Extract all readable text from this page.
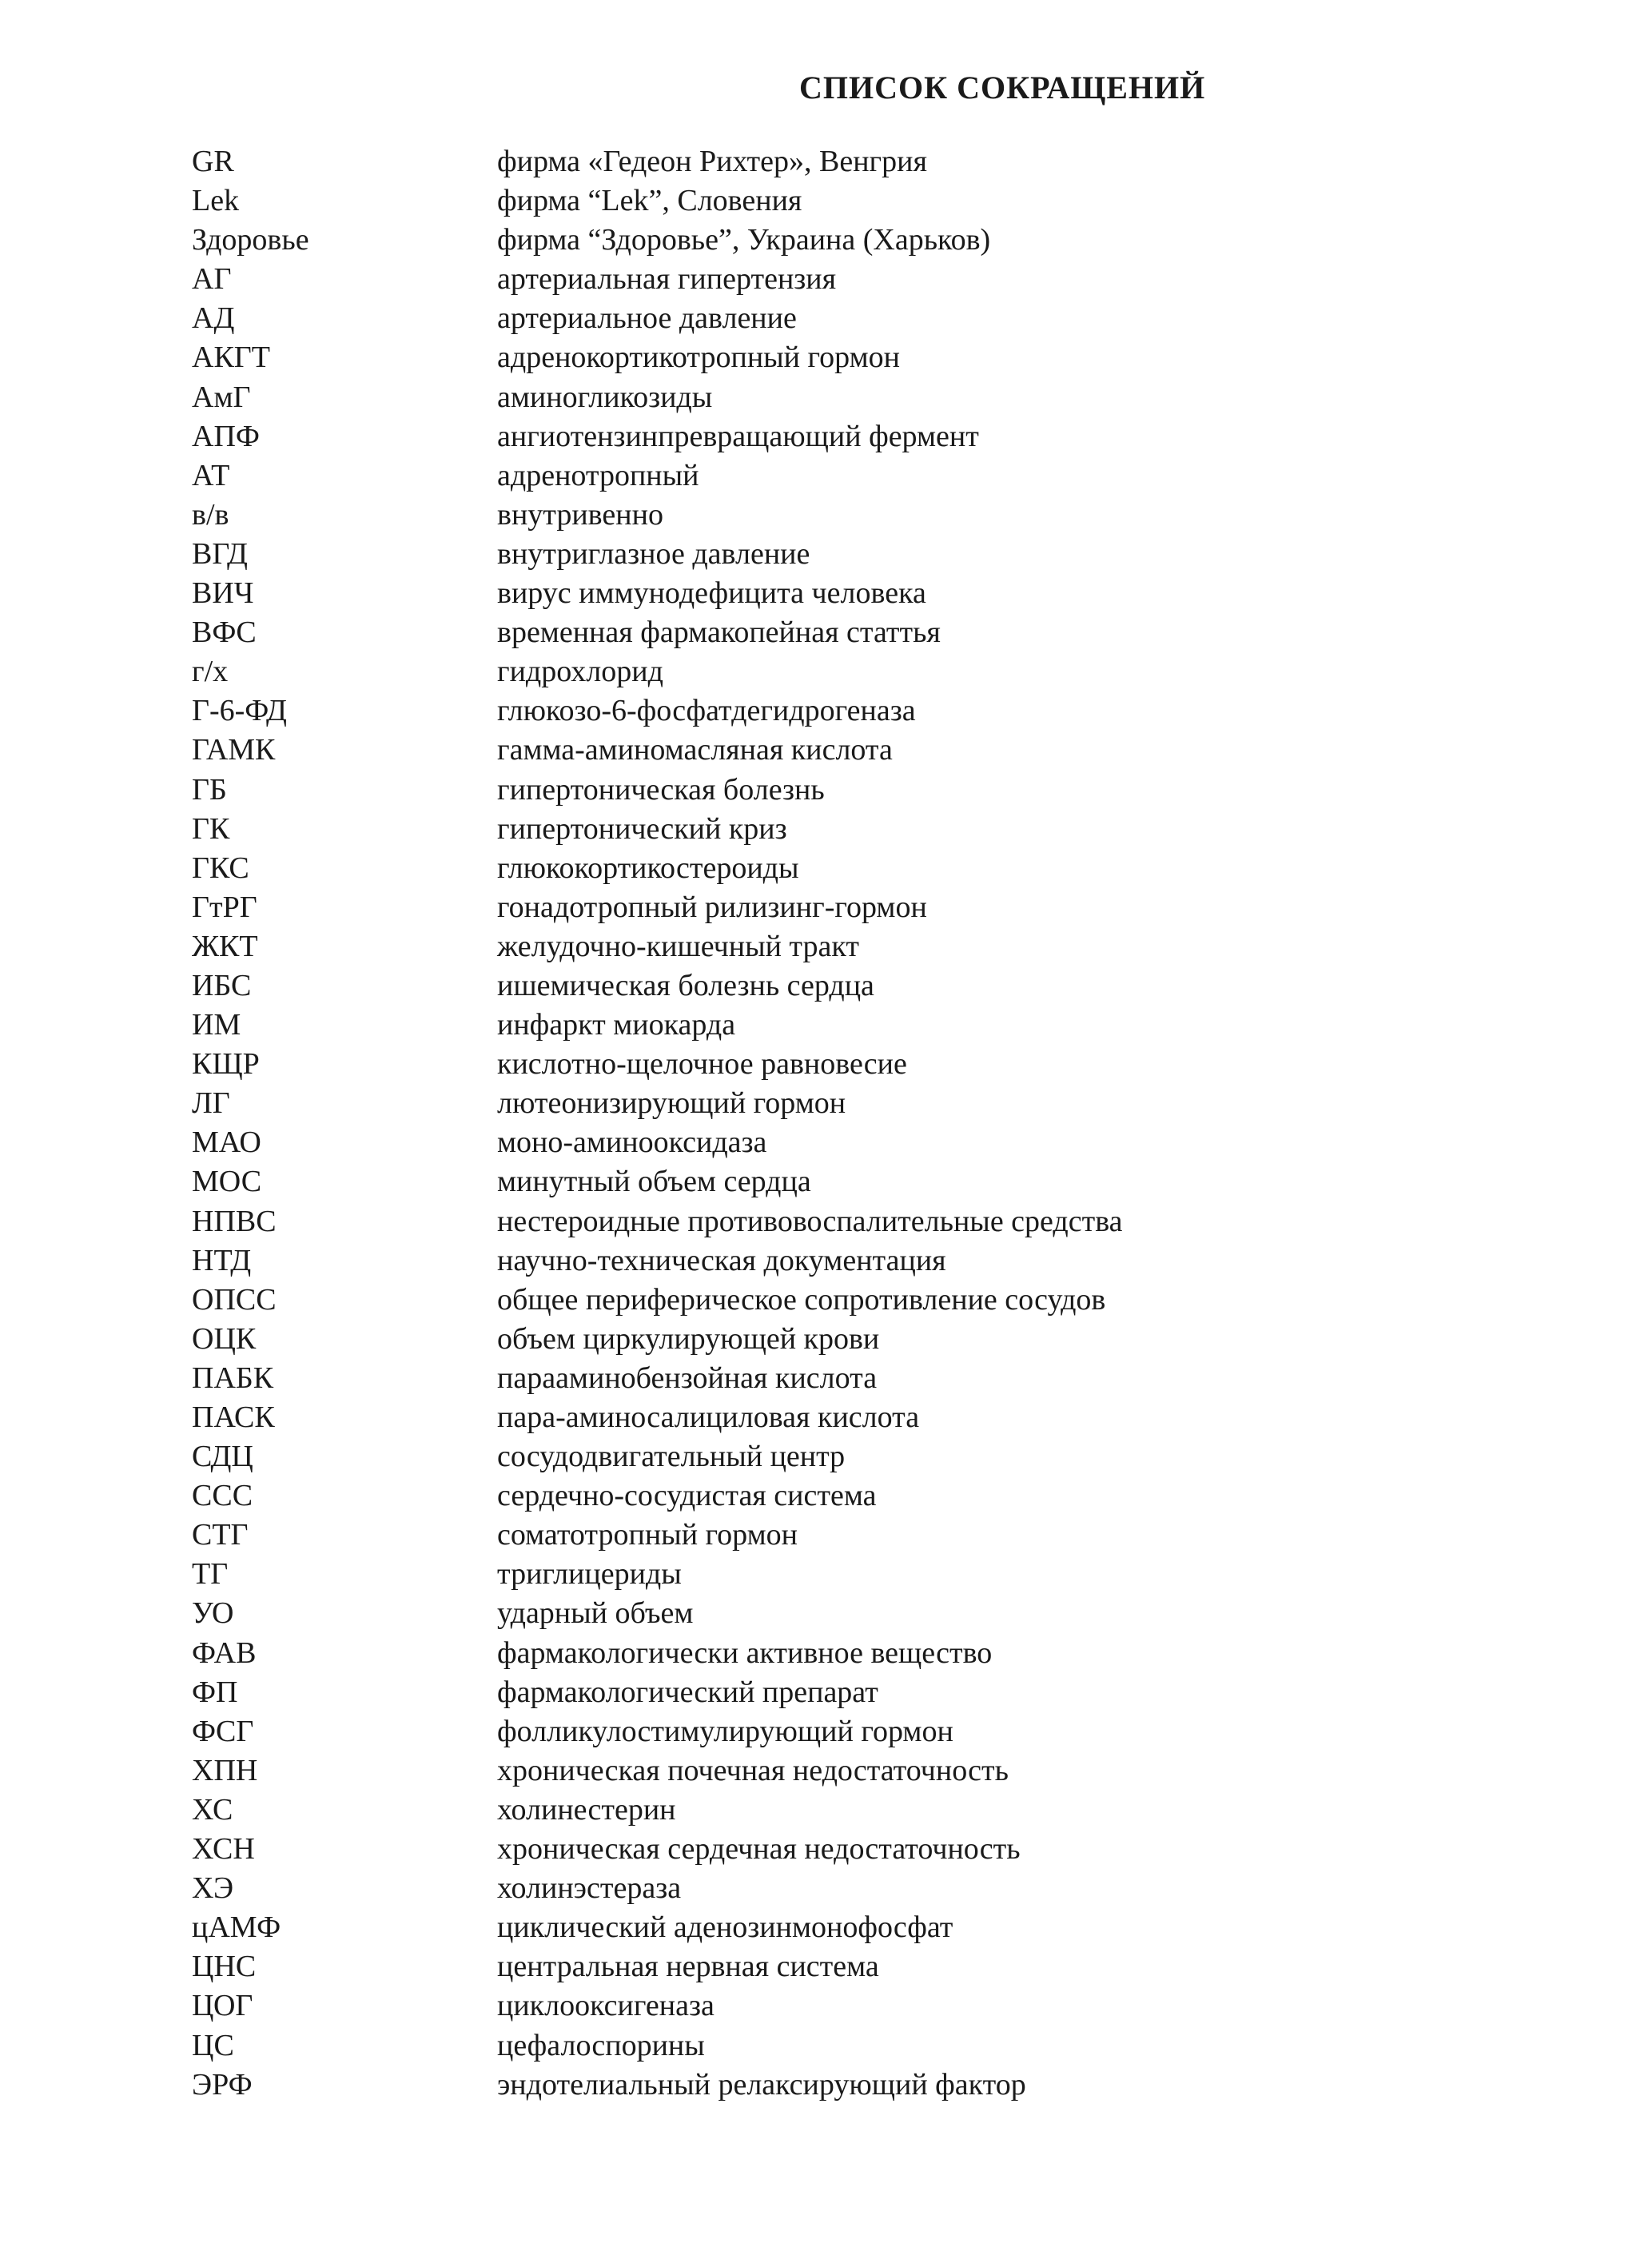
СПИСОК СОКРАЩЕНИЙ
GR	фирма «Гедеон Рихтер», Венгрия
Lek	фирма “Lek”, Словения
Здоровье	фирма “Здоровье”, Украина (Харьков)
АГ	артериальная гипертензия
АД	артериальное давление
АКГТ	адренокортикотропный гормон
АмГ	аминогликозиды
АПФ	ангиотензинпревращающий фермент
АТ	адренотропный
в/в	внутривенно
ВГД	внутриглазное давление
ВИЧ	вирус иммунодефицита человека
ВФС	временная фармакопейная статтья
г/х	гидрохлорид
Г-6-ФД	глюкозо-6-фосфатдегидрогеназа
ГАМК	гамма-аминомасляная кислота
ГБ	гипертоническая болезнь
ГК	гипертонический криз
ГКС	глюкокортикостероиды
ГтРГ	гонадотропный рилизинг-гормон
ЖКТ	желудочно-кишечный тракт
ИБС	ишемическая болезнь сердца
ИМ	инфаркт миокарда
КЩР	кислотно-щелочное равновесие
ЛГ	лютеонизирующий гормон
МАО	моно-аминооксидаза
МОС	минутный объем сердца
НПВС	нестероидные противовоспалительные средства
НТД	научно-техническая документация
ОПСС	общее периферическое сопротивление сосудов
ОЦК	объем циркулирующей крови
ПАБК	парааминобензойная кислота
ПАСК	пара-аминосалициловая кислота
СДЦ	сосудодвигательный центр
ССС	сердечно-сосудистая система
СТГ	соматотропный гормон
ТГ	триглицериды
УО	ударный объем
ФАВ	фармакологически активное вещество
ФП	фармакологический препарат
ФСГ	фолликулостимулирующий гормон
ХПН	хроническая почечная недостаточность
ХС	холинестерин
ХСН	хроническая сердечная недостаточность
ХЭ	холинэстераза
цАМФ	циклический аденозинмонофосфат
ЦНС	центральная нервная система
ЦОГ	циклооксигеназа
ЦС	цефалоспорины
ЭРФ	эндотелиальный релаксирующий фактор
